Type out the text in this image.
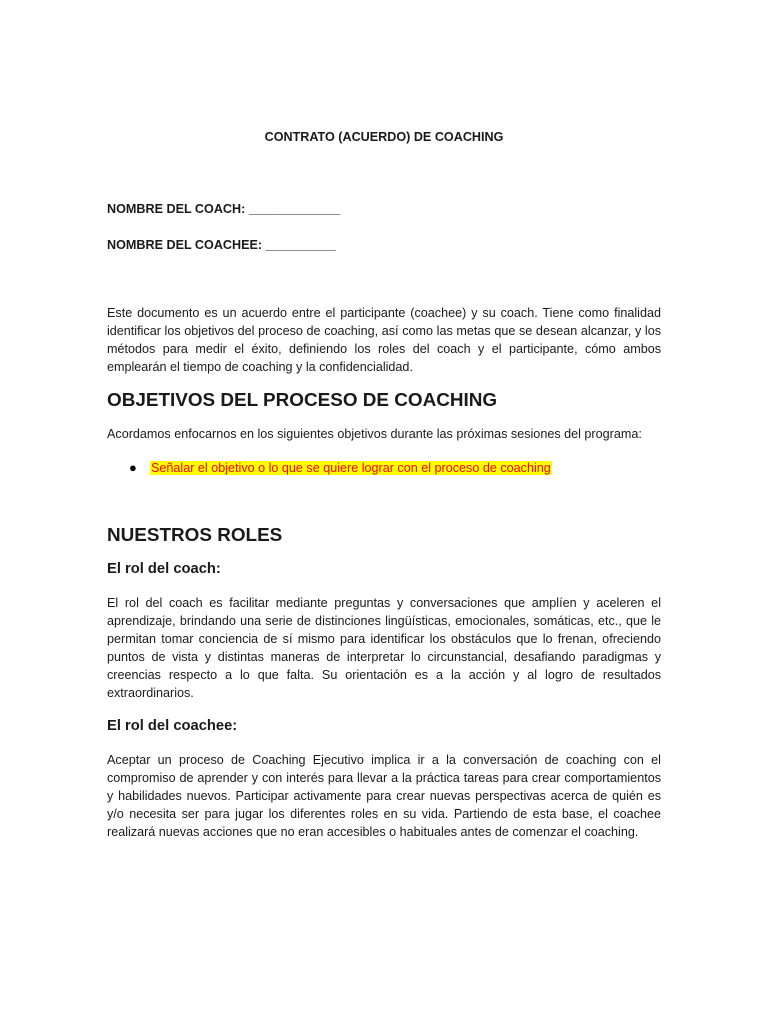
CONTRATO (ACUERDO) DE COACHING

NOMBRE DEL COACH: _____________

NOMBRE DEL COACHEE: __________

Este documento es un acuerdo entre el participante (coachee) y su coach. Tiene como finalidad identificar los objetivos del proceso de coaching, así como las metas que se desean alcanzar, y los métodos para medir el éxito, definiendo los roles del coach y el participante, cómo ambos emplearán el tiempo de coaching y la confidencialidad.

OBJETIVOS DEL PROCESO DE COACHING

Acordamos enfocarnos en los siguientes objetivos durante las próximas sesiones del programa:

● Señalar el objetivo o lo que se quiere lograr con el proceso de coaching
NUESTROS ROLES
El rol del coach:

El rol del coach es facilitar mediante preguntas y conversaciones que amplíen y aceleren el aprendizaje, brindando una serie de distinciones lingüísticas, emocionales, somáticas, etc., que le permitan tomar conciencia de sí mismo para identificar los obstáculos que lo frenan, ofreciendo puntos de vista y distintas maneras de interpretar lo circunstancial, desafiando paradigmas y creencias respecto a lo que falta. Su orientación es a la acción y al logro de resultados extraordinarios.

El rol del coachee:

Aceptar un proceso de Coaching Ejecutivo implica ir a la conversación de coaching con el compromiso de aprender y con interés para llevar a la práctica tareas para crear comportamientos y habilidades nuevos. Participar activamente para crear nuevas perspectivas acerca de quién es y/o necesita ser para jugar los diferentes roles en su vida. Partiendo de esta base, el coachee realizará nuevas acciones que no eran accesibles o habituales antes de comenzar el coaching.
